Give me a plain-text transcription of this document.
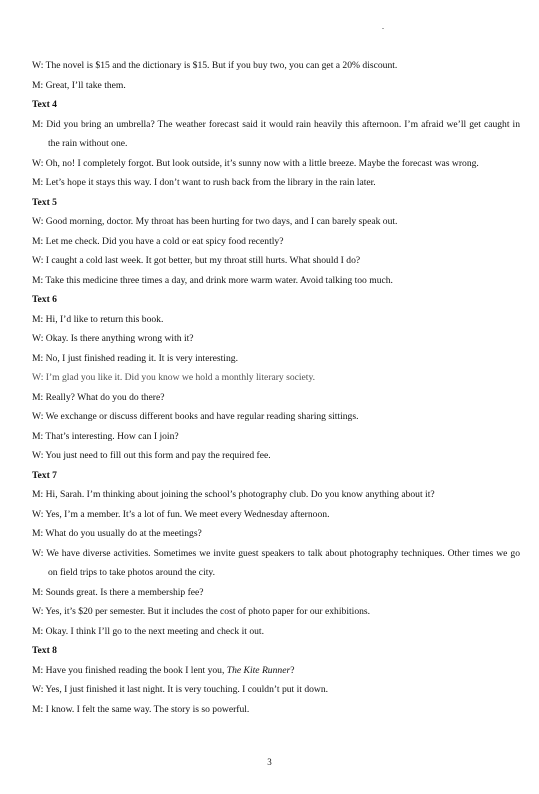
.
W: The novel is $15 and the dictionary is $15. But if you buy two, you can get a 20% discount.
M: Great, I’ll take them.
Text 4
M: Did you bring an umbrella? The weather forecast said it would rain heavily this afternoon. I’m afraid we’ll get caught in the rain without one.
W: Oh, no! I completely forgot. But look outside, it’s sunny now with a little breeze. Maybe the forecast was wrong.
M: Let’s hope it stays this way. I don’t want to rush back from the library in the rain later.
Text 5
W: Good morning, doctor. My throat has been hurting for two days, and I can barely speak out.
M: Let me check. Did you have a cold or eat spicy food recently?
W: I caught a cold last week. It got better, but my throat still hurts. What should I do?
M: Take this medicine three times a day, and drink more warm water. Avoid talking too much.
Text 6
M: Hi, I’d like to return this book.
W: Okay. Is there anything wrong with it?
M: No, I just finished reading it. It is very interesting.
W: I’m glad you like it. Did you know we hold a monthly literary society.
M: Really? What do you do there?
W: We exchange or discuss different books and have regular reading sharing sittings.
M: That’s interesting. How can I join?
W: You just need to fill out this form and pay the required fee.
Text 7
M: Hi, Sarah. I’m thinking about joining the school’s photography club. Do you know anything about it?
W: Yes, I’m a member. It’s a lot of fun. We meet every Wednesday afternoon.
M: What do you usually do at the meetings?
W: We have diverse activities. Sometimes we invite guest speakers to talk about photography techniques. Other times we go on field trips to take photos around the city.
M: Sounds great. Is there a membership fee?
W: Yes, it’s $20 per semester. But it includes the cost of photo paper for our exhibitions.
M: Okay. I think I’ll go to the next meeting and check it out.
Text 8
M: Have you finished reading the book I lent you, The Kite Runner?
W: Yes, I just finished it last night. It is very touching. I couldn’t put it down.
M: I know. I felt the same way. The story is so powerful.
3
